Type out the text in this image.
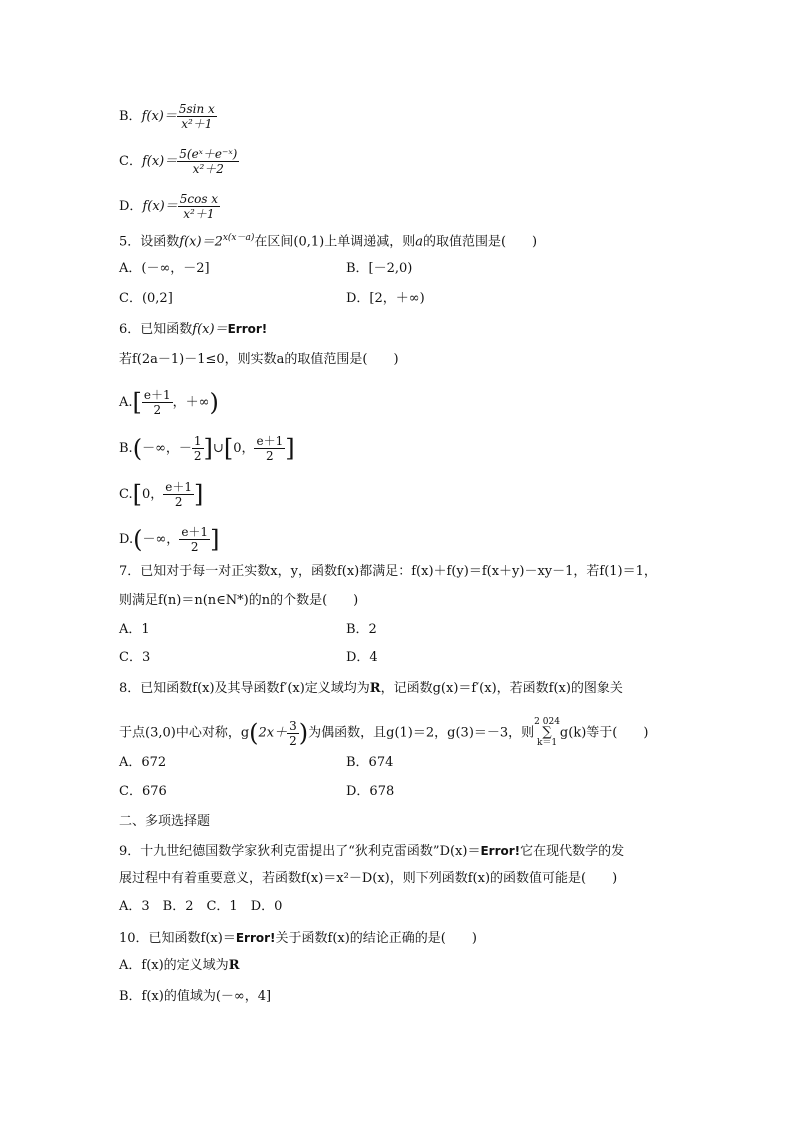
B．$f(x)= \frac{\text{5sin x}}{\text{x²＋1}}$
C．$f(x)= \frac{\text{5(eˣ＋e⁻ˣ)}}{\text{x²＋2}}$
D．$f(x)= \frac{\text{5cos x}}{\text{x²＋1}}$
5．设函数$f(x)=2^{x(x-a)}$在区间(0,1)上单调递减，则a的取值范围是(　　)
A．(－∞，－2]	B．[－2,0)
C．(0,2]	D．[2，＋∞)
6．已知函数f(x)＝Error!
若f(2a－1)－1≤0，则实数a的取值范围是(　　)
$A.[ \frac{e+1}{2}$ ，＋∞)
B.(－∞，－ $\frac{1}{2}$ ]∪[0， $\frac{e+1}{2}$ ]
C.[0， $\frac{e+1}{2}$ ]
D.(－∞， $\frac{e+1}{2}$ ]
7．已知对于每一对正实数x，y，函数f(x)都满足：f(x)＋f(y)＝f(x＋y)－xy－1，若f(1)＝1，
则满足f(n)＝n(n∈N*)的n的个数是(　　)
A．1	B．2
C．3	D．4
8．已知函数f(x)及其导函数f′(x)定义域均为R，记函数g(x)＝f′(x)，若函数f(x)的图象关
于点(3,0)中心对称，$g(2x+ \frac{3}{2}$ )为偶函数，且g(1)＝2，g(3)＝－3，则
2 024
∑
k＝1
g(k)等于(　　)
A．672	B．674
C．676	D．678
二、多项选择题
9．十九世纪德国数学家狄利克雷提出了“狄利克雷函数”D(x)＝Error!它在现代数学的发
展过程中有着重要意义，若函数f(x)＝x²－D(x)，则下列函数f(x)的函数值可能是(　　)
A．3　B．2　C．1　D．0
10．已知函数f(x)＝Error!关于函数f(x)的结论正确的是(　　)
A．f(x)的定义域为R
B．f(x)的值域为(－∞，4]
